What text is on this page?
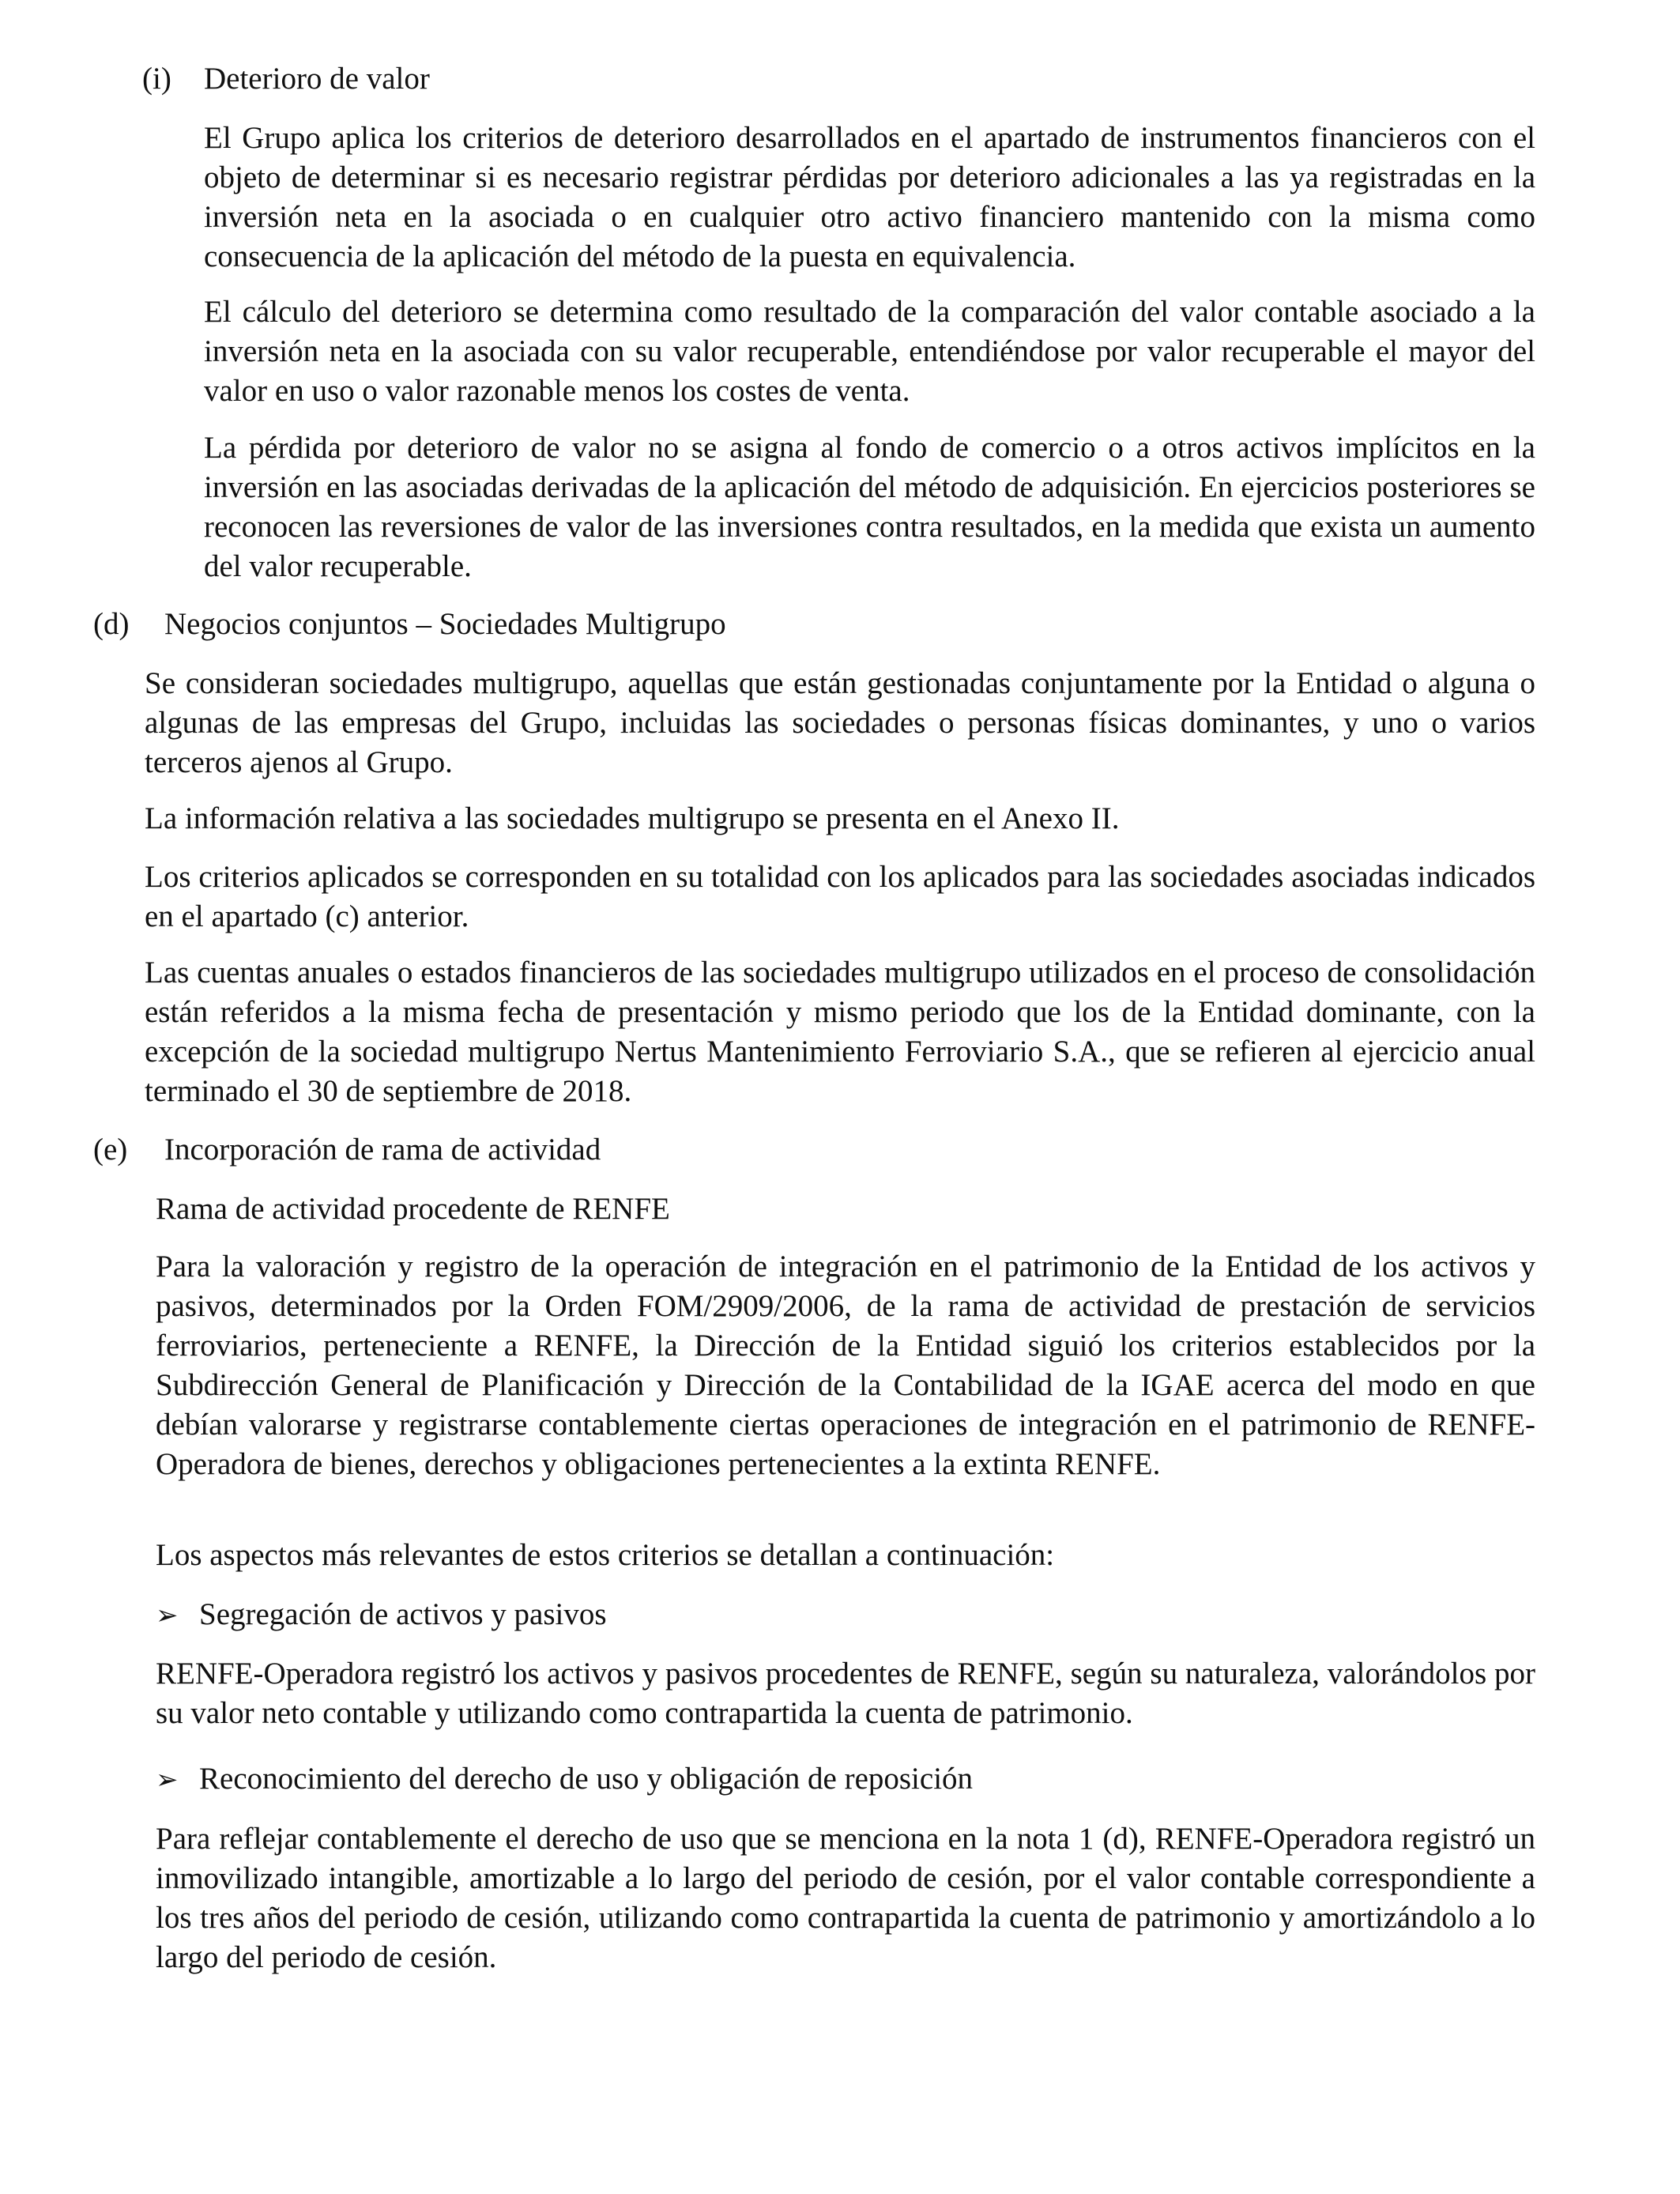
(i) Deterioro de valor

El Grupo aplica los criterios de deterioro desarrollados en el apartado de instrumentos financieros con el objeto de determinar si es necesario registrar pérdidas por deterioro adicionales a las ya registradas en la inversión neta en la asociada o en cualquier otro activo financiero mantenido con la misma como consecuencia de la aplicación del método de la puesta en equivalencia.

El cálculo del deterioro se determina como resultado de la comparación del valor contable asociado a la inversión neta en la asociada con su valor recuperable, entendiéndose por valor recuperable el mayor del valor en uso o valor razonable menos los costes de venta.

La pérdida por deterioro de valor no se asigna al fondo de comercio o a otros activos implícitos en la inversión en las asociadas derivadas de la aplicación del método de adquisición. En ejercicios posteriores se reconocen las reversiones de valor de las inversiones contra resultados, en la medida que exista un aumento del valor recuperable.

(d) Negocios conjuntos – Sociedades Multigrupo

Se consideran sociedades multigrupo, aquellas que están gestionadas conjuntamente por la Entidad o alguna o algunas de las empresas del Grupo, incluidas las sociedades o personas físicas dominantes, y uno o varios terceros ajenos al Grupo.

La información relativa a las sociedades multigrupo se presenta en el Anexo II.

Los criterios aplicados se corresponden en su totalidad con los aplicados para las sociedades asociadas indicados en el apartado (c) anterior.

Las cuentas anuales o estados financieros de las sociedades multigrupo utilizados en el proceso de consolidación están referidos a la misma fecha de presentación y mismo periodo que los de la Entidad dominante, con la excepción de la sociedad multigrupo Nertus Mantenimiento Ferroviario S.A., que se refieren al ejercicio anual terminado el 30 de septiembre de 2018.

(e) Incorporación de rama de actividad

Rama de actividad procedente de RENFE

Para la valoración y registro de la operación de integración en el patrimonio de la Entidad de los activos y pasivos, determinados por la Orden FOM/2909/2006, de la rama de actividad de prestación de servicios ferroviarios, perteneciente a RENFE, la Dirección de la Entidad siguió los criterios establecidos por la Subdirección General de Planificación y Dirección de la Contabilidad de la IGAE acerca del modo en que debían valorarse y registrarse contablemente ciertas operaciones de integración en el patrimonio de RENFE-Operadora de bienes, derechos y obligaciones pertenecientes a la extinta RENFE.

Los aspectos más relevantes de estos criterios se detallan a continuación:

➢ Segregación de activos y pasivos

RENFE-Operadora registró los activos y pasivos procedentes de RENFE, según su naturaleza, valorándolos por su valor neto contable y utilizando como contrapartida la cuenta de patrimonio.

➢ Reconocimiento del derecho de uso y obligación de reposición

Para reflejar contablemente el derecho de uso que se menciona en la nota 1 (d), RENFE-Operadora registró un inmovilizado intangible, amortizable a lo largo del periodo de cesión, por el valor contable correspondiente a los tres años del periodo de cesión, utilizando como contrapartida la cuenta de patrimonio y amortizándolo a lo largo del periodo de cesión.
